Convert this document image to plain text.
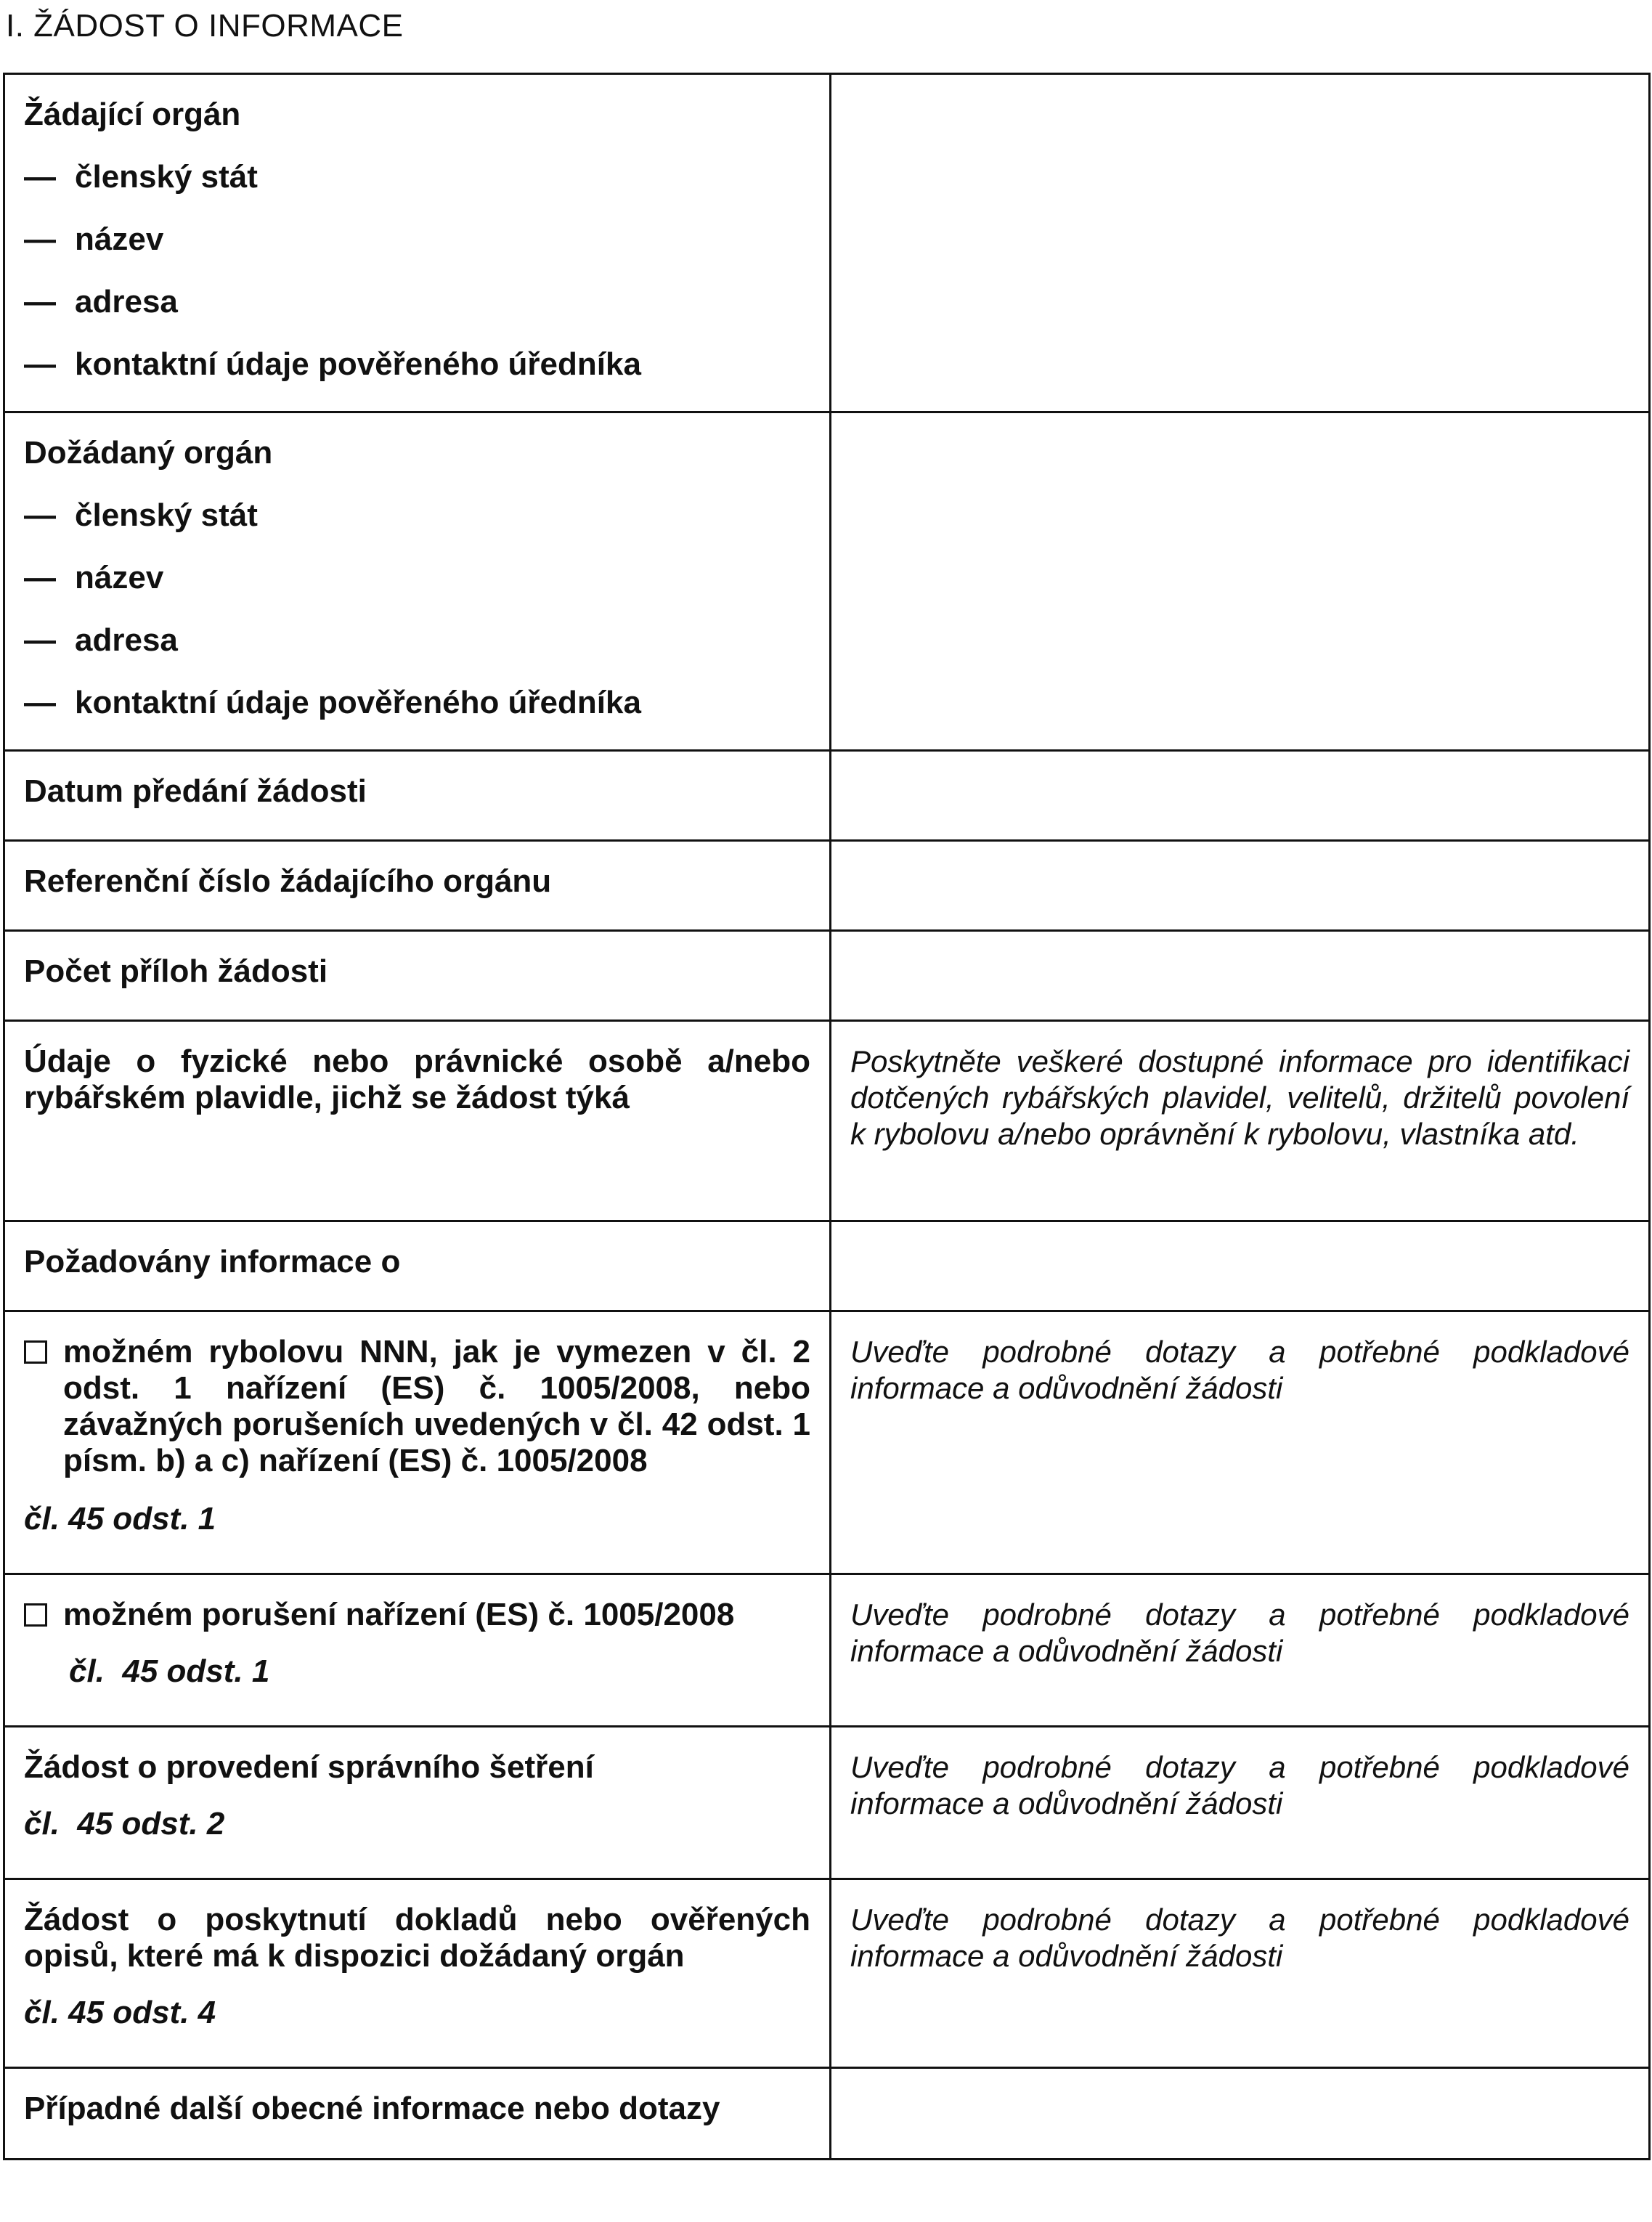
I. ŽÁDOST O INFORMACE
Žádající orgán
— členský stát
— název
— adresa
— kontaktní údaje pověřeného úředníka	

Dožádaný orgán
— členský stát
— název
— adresa
— kontaktní údaje pověřeného úředníka	

Datum předání žádosti	

Referenční číslo žádajícího orgánu	

Počet příloh žádosti	

Údaje o fyzické nebo právnické osobě a/nebo rybářském plavidle, jichž se žádost týká	Poskytněte veškeré dostupné informace pro identifikaci dotčených rybářských plavidel, velitelů, držitelů povolení k rybolovu a/nebo oprávnění k rybolovu, vlastníka atd.

Požadovány informace o	

možném rybolovu NNN, jak je vymezen v čl. 2 odst. 1 nařízení (ES) č. 1005/2008, nebo závažných porušeních uvedených v čl. 42 odst. 1 písm. b) a c) nařízení (ES) č. 1005/2008
čl. 45 odst. 1	Uveďte podrobné dotazy a potřebné podkladové informace a odůvodnění žádosti

možném porušení nařízení (ES) č. 1005/2008
čl.  45 odst. 1	Uveďte podrobné dotazy a potřebné podkladové informace a odůvodnění žádosti

Žádost o provedení správního šetření
čl.  45 odst. 2	Uveďte podrobné dotazy a potřebné podkladové informace a odůvodnění žádosti

Žádost o poskytnutí dokladů nebo ověřených opisů, které má k dispozici dožádaný orgán
čl. 45 odst. 4	Uveďte podrobné dotazy a potřebné podkladové informace a odůvodnění žádosti

Případné další obecné informace nebo dotazy	
